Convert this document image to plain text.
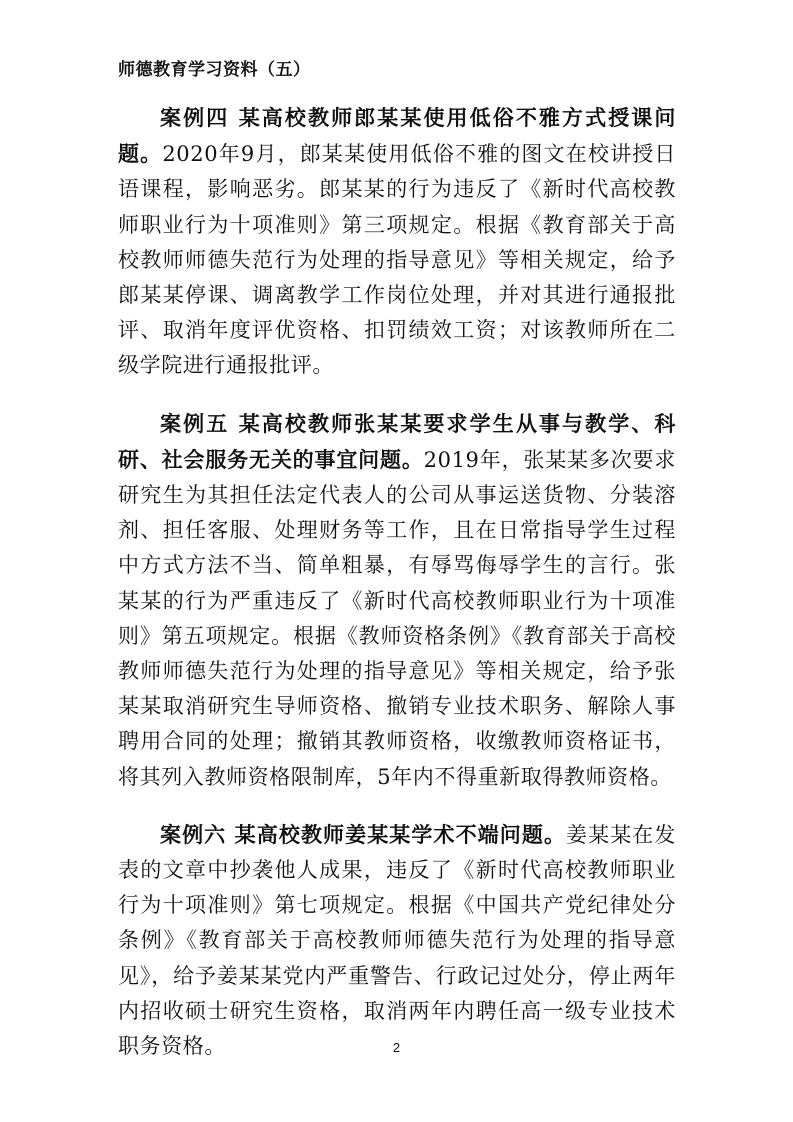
师德教育学习资料（五）

案例四 某高校教师郎某某使用低俗不雅方式授课问题。2020年9月，郎某某使用低俗不雅的图文在校讲授日语课程，影响恶劣。郎某某的行为违反了《新时代高校教师职业行为十项准则》第三项规定。根据《教育部关于高校教师师德失范行为处理的指导意见》等相关规定，给予郎某某停课、调离教学工作岗位处理，并对其进行通报批评、取消年度评优资格、扣罚绩效工资；对该教师所在二级学院进行通报批评。

案例五 某高校教师张某某要求学生从事与教学、科研、社会服务无关的事宜问题。2019年，张某某多次要求研究生为其担任法定代表人的公司从事运送货物、分装溶剂、担任客服、处理财务等工作，且在日常指导学生过程中方式方法不当、简单粗暴，有辱骂侮辱学生的言行。张某某的行为严重违反了《新时代高校教师职业行为十项准则》第五项规定。根据《教师资格条例》《教育部关于高校教师师德失范行为处理的指导意见》等相关规定，给予张某某取消研究生导师资格、撤销专业技术职务、解除人事聘用合同的处理；撤销其教师资格，收缴教师资格证书，将其列入教师资格限制库，5年内不得重新取得教师资格。

案例六 某高校教师姜某某学术不端问题。姜某某在发表的文章中抄袭他人成果，违反了《新时代高校教师职业行为十项准则》第七项规定。根据《中国共产党纪律处分条例》《教育部关于高校教师师德失范行为处理的指导意见》，给予姜某某党内严重警告、行政记过处分，停止两年内招收硕士研究生资格，取消两年内聘任高一级专业技术职务资格。	2
